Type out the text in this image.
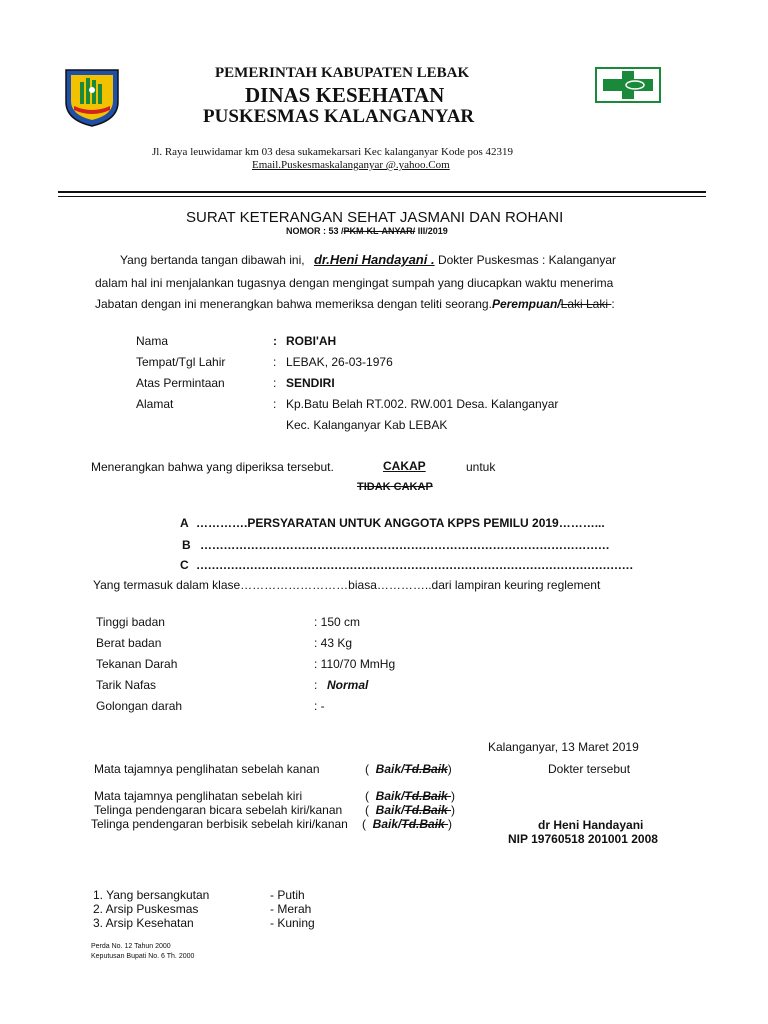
PEMERINTAH KABUPATEN LEBAK
DINAS KESEHATAN
PUSKESMAS KALANGANYAR
Jl. Raya leuwidamar km 03 desa sukamekarsari Kec kalanganyar Kode pos 42319
Email.Puskesmaskalanganyar @.yahoo.Com
SURAT KETERANGAN SEHAT JASMANI DAN ROHANI
NOMOR : 53 /PKM-KL-ANYAR/ III/2019
Yang bertanda tangan dibawah ini, dr.Heni Handayani . Dokter Puskesmas : Kalanganyar
dalam hal ini menjalankan tugasnya dengan mengingat sumpah yang diucapkan waktu menerima
Jabatan dengan ini menerangkan bahwa memeriksa dengan teliti seorang.Perempuan/Laki Laki :
Nama	: ROBI'AH
Tempat/Tgl Lahir	: LEBAK, 26-03-1976
Atas Permintaan	: SENDIRI
Alamat	: Kp.Batu Belah RT.002. RW.001 Desa. Kalanganyar
Kec. Kalanganyar Kab LEBAK
Menerangkan bahwa yang diperiksa tersebut.	CAKAP	untuk
TIDAK CAKAP
A ………….PERSYARATAN UNTUK ANGGOTA KPPS PEMILU 2019………...
B ……………………………………………………………………………………………
C ……………………………………………………………………………………………………
Yang termasuk dalam klase………………………biasa…………..dari lampiran keuring reglement
Tinggi badan	: 150 cm
Berat badan	: 43 Kg
Tekanan Darah	: 110/70 MmHg
Tarik Nafas	: Normal
Golongan darah	: -
Kalanganyar, 13 Maret 2019
Dokter tersebut
Mata tajamnya penglihatan sebelah kanan	(  Baik/Td.Baik)
Mata tajamnya penglihatan sebelah kiri	(  Baik/Td.Baik )
Telinga pendengaran bicara sebelah kiri/kanan (  Baik/Td.Baik )
Telinga pendengaran berbisik sebelah kiri/kanan (  Baik/Td.Baik )	dr Heni Handayani
NIP 19760518 201001 2008
1. Yang bersangkutan	- Putih
2. Arsip Puskesmas	- Merah
3. Arsip Kesehatan	- Kuning
Perda No. 12 Tahun 2000
Keputusan Bupati No. 6 Th. 2000
